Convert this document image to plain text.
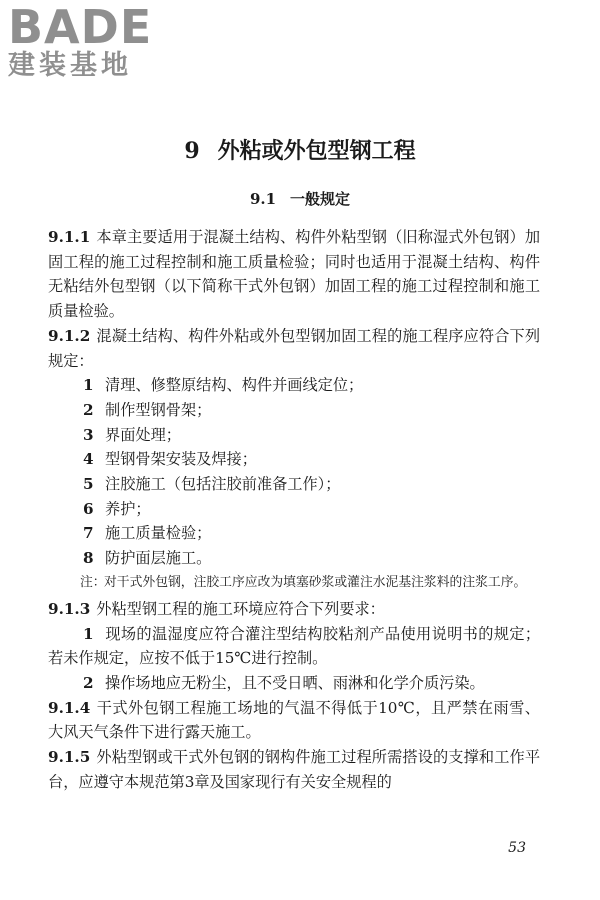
BADE
建装基地
9 外粘或外包型钢工程
9.1 一般规定

9.1.1 本章主要适用于混凝土结构、构件外粘型钢（旧称湿式外包钢）加固工程的施工过程控制和施工质量检验；同时也适用于混凝土结构、构件无粘结外包型钢（以下简称干式外包钢）加固工程的施工过程控制和施工质量检验。

9.1.2 混凝土结构、构件外粘或外包型钢加固工程的施工程序应符合下列规定：

1 清理、修整原结构、构件并画线定位；
2 制作型钢骨架；
3 界面处理；
4 型钢骨架安装及焊接；
5 注胶施工（包括注胶前准备工作）；
6 养护；
7 施工质量检验；
8 防护面层施工。
注：
对干式外包钢，注胶工序应改为填塞砂浆或灌注水泥基注浆料的注浆工序。

9.1.3 外粘型钢工程的施工环境应符合下列要求：

1 现场的温湿度应符合灌注型结构胶粘剂产品使用说明书的规定；若未作规定，应按不低于15℃进行控制。
2 操作场地应无粉尘，且不受日晒、雨淋和化学介质污染。

9.1.4 干式外包钢工程施工场地的气温不得低于10℃，且严禁在雨雪、大风天气条件下进行露天施工。

9.1.5 外粘型钢或干式外包钢的钢构件施工过程所需搭设的支撑和工作平台，应遵守本规范第3章及国家现行有关安全规程的

53
